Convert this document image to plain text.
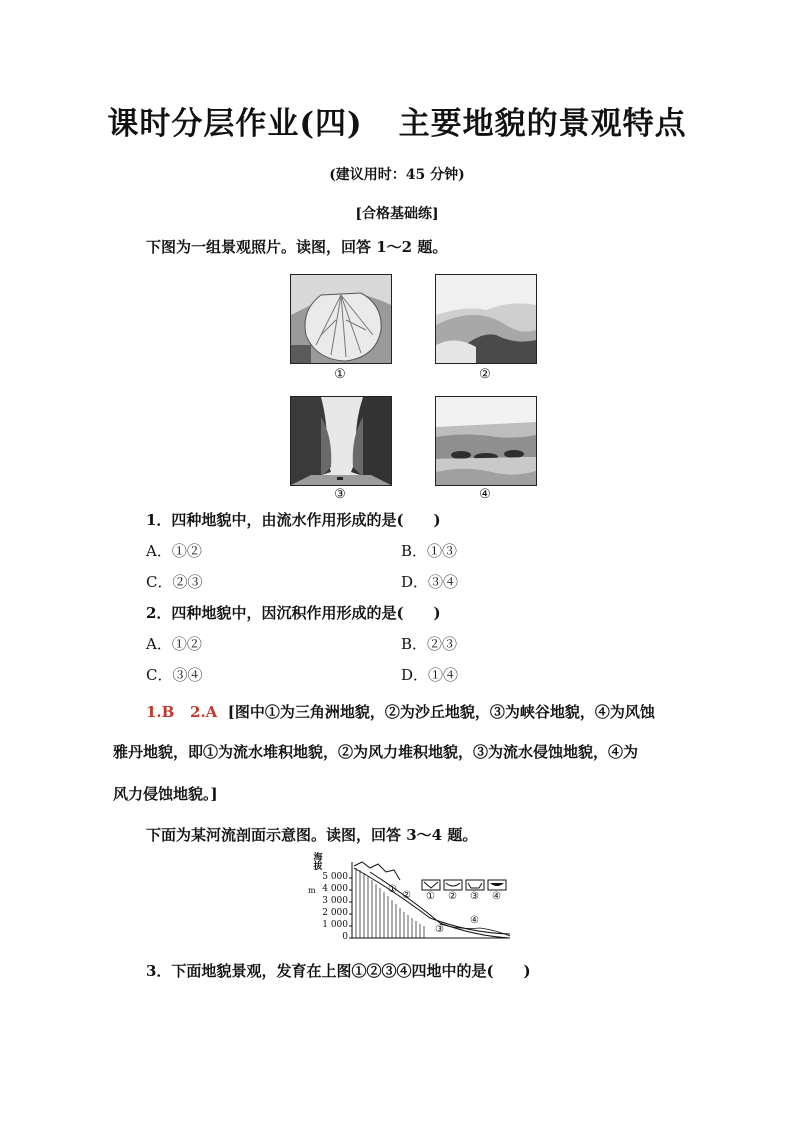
课时分层作业(四) 主要地貌的景观特点
(建议用时：45 分钟)
[合格基础练]
下图为一组景观照片。读图，回答 1～2 题。
①	②
③	④
1．四种地貌中，由流水作用形成的是(　　)
A．①②	B．①③
C．②③	D．③④
2．四种地貌中，因沉积作用形成的是(　　)
A．①②	B．②③
C．③④	D．①④
1.B 2.A [图中①为三角洲地貌，②为沙丘地貌，③为峡谷地貌，④为风蚀
雅丹地貌，即①为流水堆积地貌，②为风力堆积地貌，③为流水侵蚀地貌，④为
风力侵蚀地貌。]
下面为某河流剖面示意图。读图，回答 3～4 题。
海拔
m
5 000
4 000
3 000
2 000
1 000
0
①
②
③
④
① ② ③ ④
3．下面地貌景观，发育在上图①②③④四地中的是(　　)
